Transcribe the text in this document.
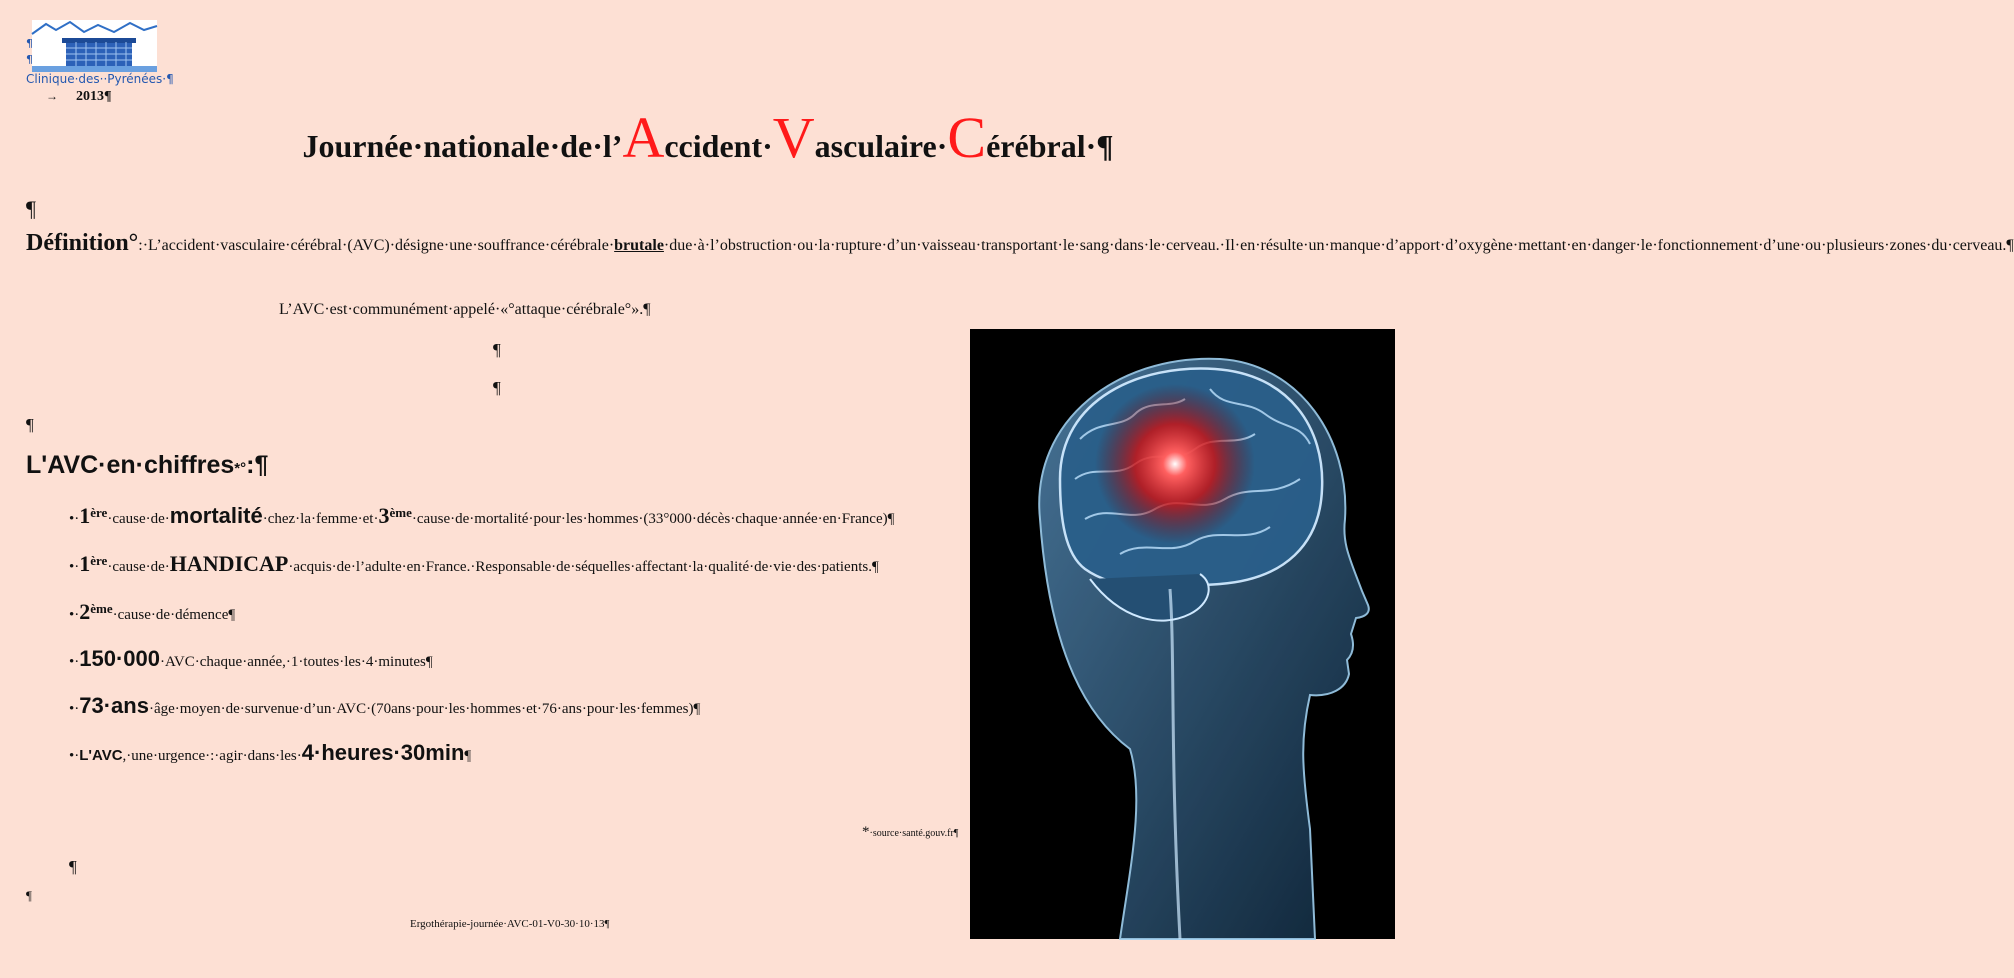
¶
¶
Clinique·des··Pyrénées·¶
→ 2013¶
Journée·nationale·de·l’Accident·Vasculaire·Cérébral·¶
¶
Définition°:·L’accident·vasculaire·cérébral·(AVC)·désigne·une·souffrance·cérébrale·brutale·due·à·l’obstruction·ou·la·rupture·d’un·vaisseau·transportant·le·sang·dans·le·cerveau.·Il·en·résulte·un·manque·d’apport·d’oxygène·mettant·en·danger·le·fonctionnement·d’une·ou·plusieurs·zones·du·cerveau.¶
L’AVC·est·communément·appelé·«°attaque·cérébrale°».¶
¶
¶
¶
L'AVC·en·chiffres*°:¶
•·1ère·cause·de·mortalité·chez·la·femme·et·3ème·cause·de·mortalité·pour·les·hommes·(33°000·décès·chaque·année·en·France)¶
•·1ère·cause·de·HANDICAP·acquis·de·l’adulte·en·France.·Responsable·de·séquelles·affectant·la·qualité·de·vie·des·patients.¶
•·2ème·cause·de·démence¶
•·150·000·AVC·chaque·année,·1·toutes·les·4·minutes¶
•·73·ans·âge·moyen·de·survenue·d’un·AVC·(70ans·pour·les·hommes·et·76·ans·pour·les·femmes)¶
•·L'AVC,·une·urgence·:·agir·dans·les·4·heures·30min¶
*·source·santé.gouv.fr¶
¶
¶
Ergothérapie-journée·AVC-01-V0-30·10·13¶
